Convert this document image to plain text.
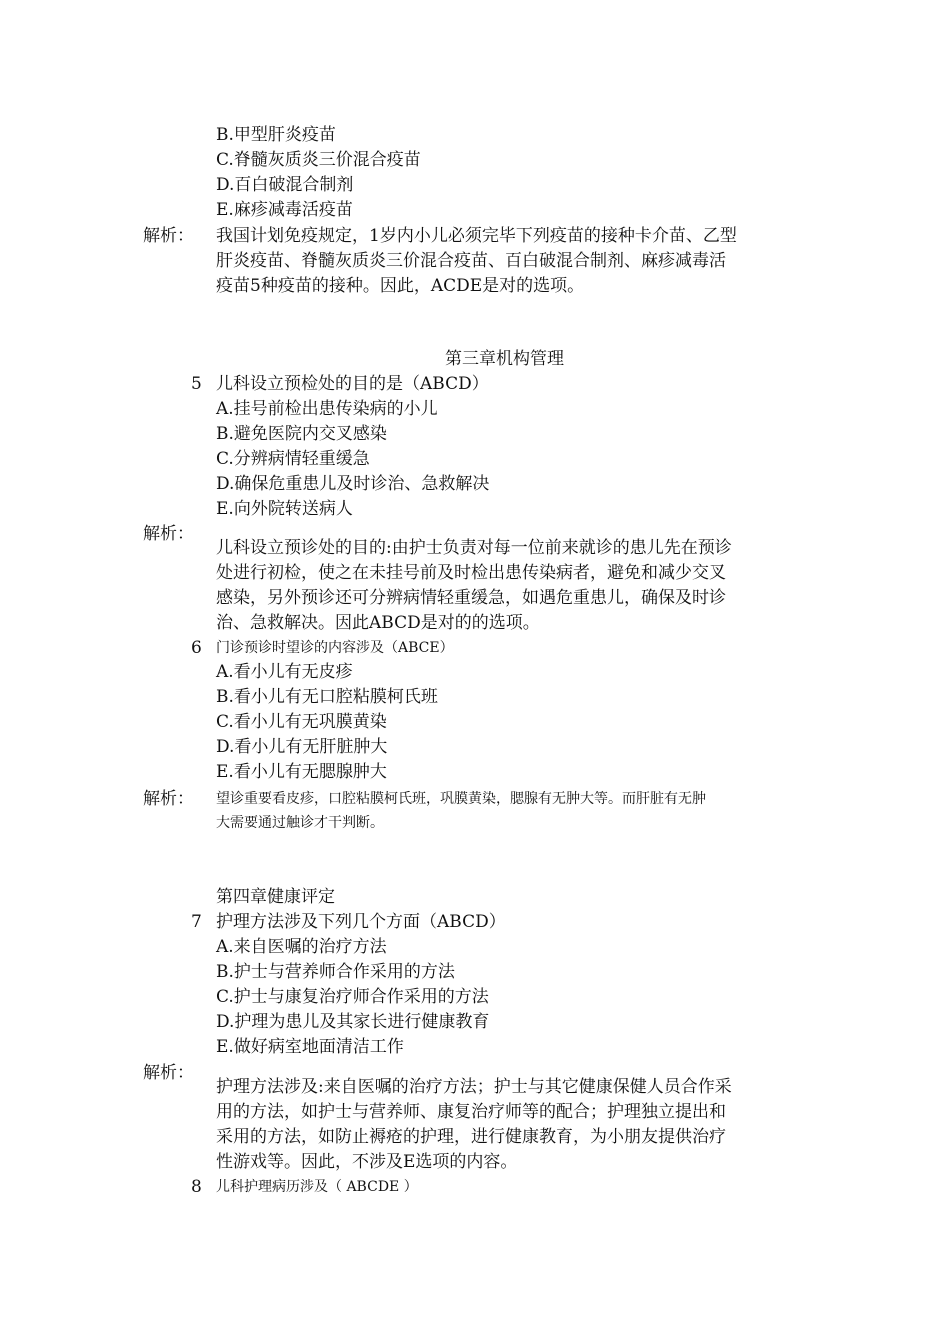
B.甲型肝炎疫苗
C.脊髓灰质炎三价混合疫苗
D.百白破混合制剂
E.麻疹减毒活疫苗
解析： 我国计划免疫规定，1岁内小儿必须完毕下列疫苗的接种卡介苗、乙型
肝炎疫苗、脊髓灰质炎三价混合疫苗、百白破混合制剂、麻疹减毒活
疫苗5种疫苗的接种。因此，ACDE是对的选项。
第三章机构管理
5 儿科设立预检处的目的是（ABCD）
A.挂号前检出患传染病的小儿
B.避免医院内交叉感染
C.分辨病情轻重缓急
D.确保危重患儿及时诊治、急救解决
E.向外院转送病人
解析：
儿科设立预诊处的目的:由护士负责对每一位前来就诊的患儿先在预诊
处进行初检，使之在未挂号前及时检出患传染病者，避免和减少交叉
感染，另外预诊还可分辨病情轻重缓急，如遇危重患儿，确保及时诊
治、急救解决。因此ABCD是对的的选项。
6 门诊预诊时望诊的内容涉及（ABCE）
A.看小儿有无皮疹
B.看小儿有无口腔粘膜柯氏班
C.看小儿有无巩膜黄染
D.看小儿有无肝脏肿大
E.看小儿有无腮腺肿大
解析： 望诊重要看皮疹，口腔粘膜柯氏班，巩膜黄染，腮腺有无肿大等。而肝脏有无肿
大需要通过触诊才干判断。
第四章健康评定
7 护理方法涉及下列几个方面（ABCD）
A.来自医嘱的治疗方法
B.护士与营养师合作采用的方法
C.护士与康复治疗师合作采用的方法
D.护理为患儿及其家长进行健康教育
E.做好病室地面清洁工作
解析：
护理方法涉及:来自医嘱的治疗方法；护士与其它健康保健人员合作采
用的方法，如护士与营养师、康复治疗师等的配合；护理独立提出和
采用的方法，如防止褥疮的护理，进行健康教育，为小朋友提供治疗
性游戏等。因此，不涉及E选项的内容。
8 儿科护理病历涉及（ ABCDE ）
